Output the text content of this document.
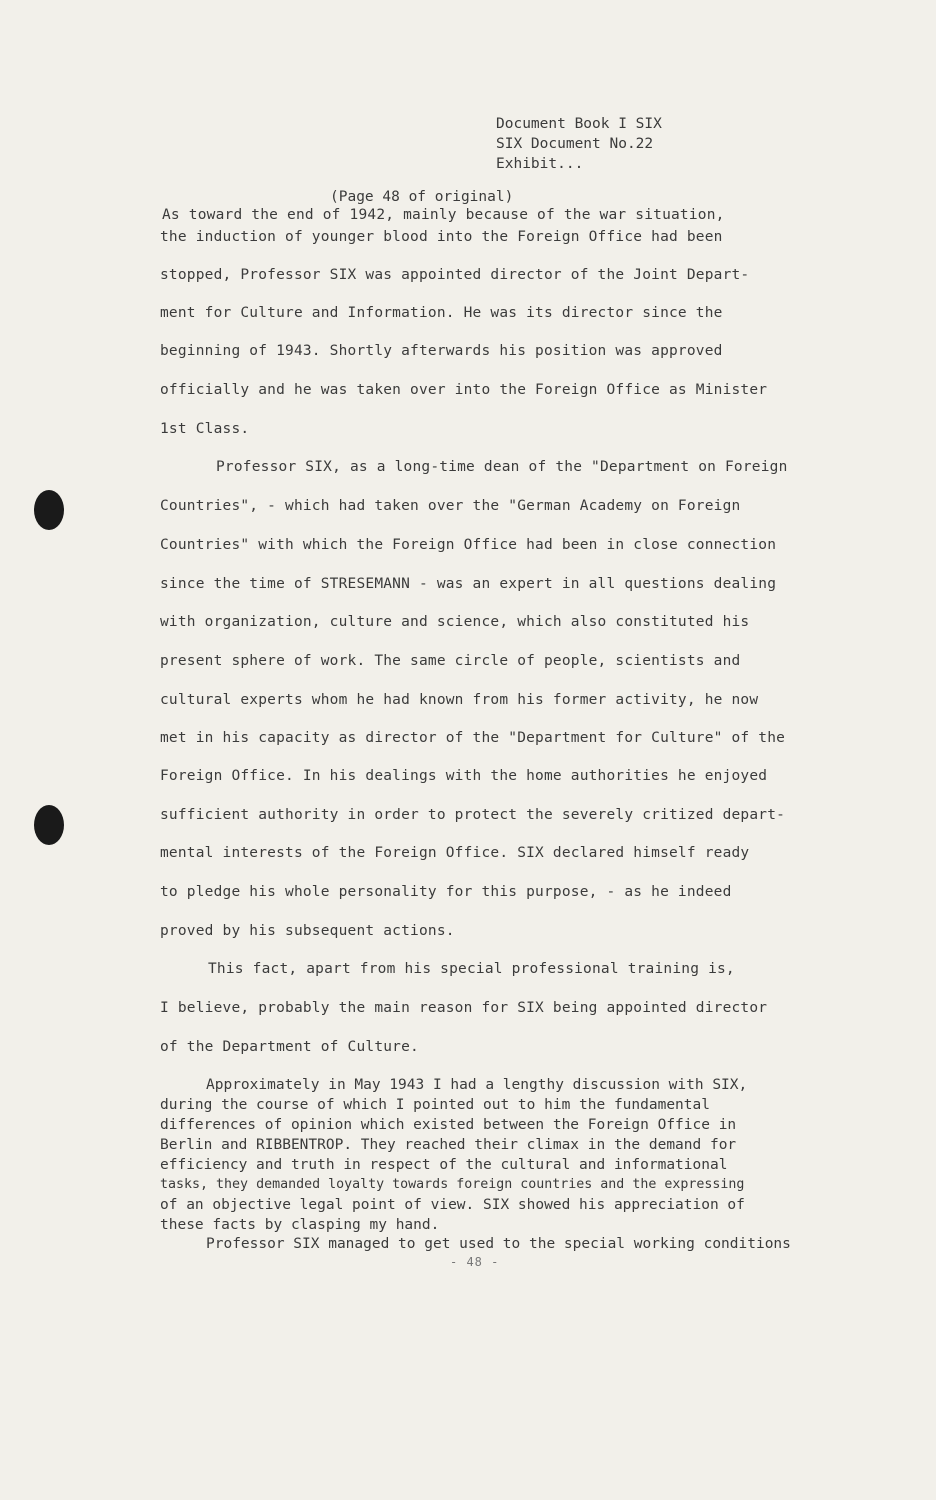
Document Book I SIX
SIX Document No.22
Exhibit...
(Page 48 of original)
As toward the end of 1942, mainly because of the war situation,
the induction of younger blood into the Foreign Office had been
stopped, Professor SIX was appointed director of the Joint Depart-
ment for Culture and Information. He was its director since the
beginning of 1943. Shortly afterwards his position was approved
officially and he was taken over into the Foreign Office as Minister
1st Class.
Professor SIX, as a long-time dean of the "Department on Foreign
Countries", - which had taken over the "German Academy on Foreign
Countries" with which the Foreign Office had been in close connection
since the time of STRESEMANN - was an expert in all questions dealing
with organization, culture and science, which also constituted his
present sphere of work. The same circle of people, scientists and
cultural experts whom he had known from his former activity, he now
met in his capacity as director of the "Department for Culture" of the
Foreign Office. In his dealings with the home authorities he enjoyed
sufficient authority in order to protect the severely critized depart-
mental interests of the Foreign Office. SIX declared himself ready
to pledge his whole personality for this purpose, - as he indeed
proved by his subsequent actions.
This fact, apart from his special professional training is,
I believe, probably the main reason for SIX being appointed director
of the Department of Culture.
Approximately in May 1943 I had a lengthy discussion with SIX,
during the course of which I pointed out to him the fundamental
differences of opinion which existed between the Foreign Office in
Berlin and RIBBENTROP. They reached their climax in the demand for
efficiency and truth in respect of the cultural and informational
tasks, they demanded loyalty towards foreign countries and the expressing
of an objective legal point of view. SIX showed his appreciation of
these facts by clasping my hand.
Professor SIX managed to get used to the special working conditions
- 48 -
